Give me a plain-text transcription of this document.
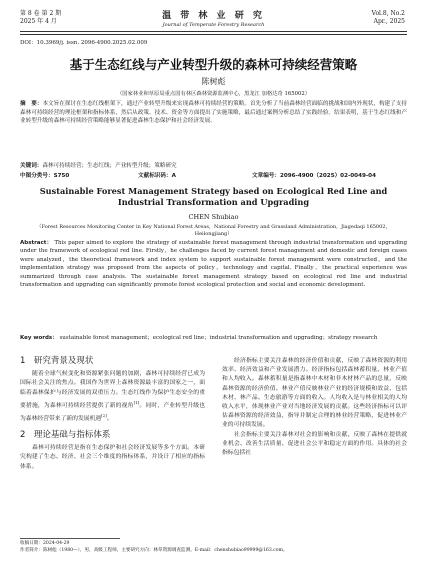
第 8 卷 第 2 期
2025 年 4 月
温 带 林 业 研 究
Journal of Temperate Forestry Research
Vol.8, No.2
Apr., 2025
DOI：10.3969/j. issn. 2096-4900.2025.02.009
基于生态红线与产业转型升级的森林可持续经营策略
陈树彪
（国家林业和草原局重点国有林区森林资源监测中心，黑龙江 加格达奇 165002）
摘　要：本文旨在探讨在生态红线框架下，通过产业转型升级来实现森林可持续经营的策略。首先分析了当前森林经营面临的挑战和国内外现状，构建了支持森林可持续经营的理论框架和指标体系，然后从政策、技术、资金等方面提出了实施策略，最后通过案例分析总结了实践经验。结果表明，基于生态红线和产业转型升级的森林可持续经营策略能够显著促进森林生态保护和社会经济发展。
关键词：森林可持续经营；生态红线；产业转型升级；策略研究
中图分类号：S750	文献标识码：A	文章编号：2096-4900（2025）02-0049-04
Sustainable Forest Management Strategy based on Ecological Red Line and Industrial Transformation and Upgrading
CHEN Shubiao
（Forest Resources Monitoring Center in Key National Forest Areas，National Forestry and Grassland Administration，Jiagedaqi 165002，Heilongjiang）
Abstract： This paper aimed to explore the strategy of sustainable forest management through industrial transformation and upgrading under the framework of ecological red line. Firstly，he challenges faced by current forest management and domestic and foreign cases were analyzed，the theoretical framework and index system to support sustainable forest management were constructed，and the implementation strategy was proposed from the aspects of policy，technology and capital. Finally，the practical experience was summarized through case analysis. The sustainable forest management strategy based on ecological red line and industrial transformation and upgrading can significantly promote forest ecological protection and social and economic development.
Key words： sustainable forest management；ecological red line；industrial transformation and upgrading；strategy research
1　研究背景及现状

随着全球气候变化和资源紧张问题的加剧，森林可持续经营已成为国际社会关注的焦点。我国作为世界上森林资源最丰富的国家之一，面临着森林保护与经济发展的双重压力。生态红线作为保护生态安全的重要措施，为森林可持续经营提供了新的视角[1]。同时，产业转型升级也为森林经营带来了新的发展机遇[2]。

2　理论基础与指标体系

森林可持续经营是指在生态保护和社会经济发展等多个方面。本研究构建了生态、经济、社会三个维度的指标体系，并设计了相应的指标体系。

经济指标主要关注森林的经济价值和贡献，反映了森林资源的利用效率、经济效益和产业发展潜力。经济指标包括森林蓄积量、林业产值和人均收入。森林蓄积量是指森林中木材和非木材林产品的总量，反映森林资源的经济价值。林业产值反映林业产业的经济规模和效益，包括木材、林产品、生态旅游等方面的收入。人均收入是与林业相关的人均收入水平，体现林业产业对当地经济发展的贡献。这些经济指标可以评估森林资源的经济效益，指导并制定合理的林业经营策略，促进林业产业的可持续发展。

社会指标主要关注森林对社会的影响和贡献，反映了森林在提供就业机会、改善生活质量、促进社会公平和稳定方面的作用。具体的社会指标包括社

收稿日期：2024-04-29
作者简介：陈树彪（1980—），男，高级工程师，主要研究方向：林草资源调查监测。E-mail：chenshubiao99999@163.com。
